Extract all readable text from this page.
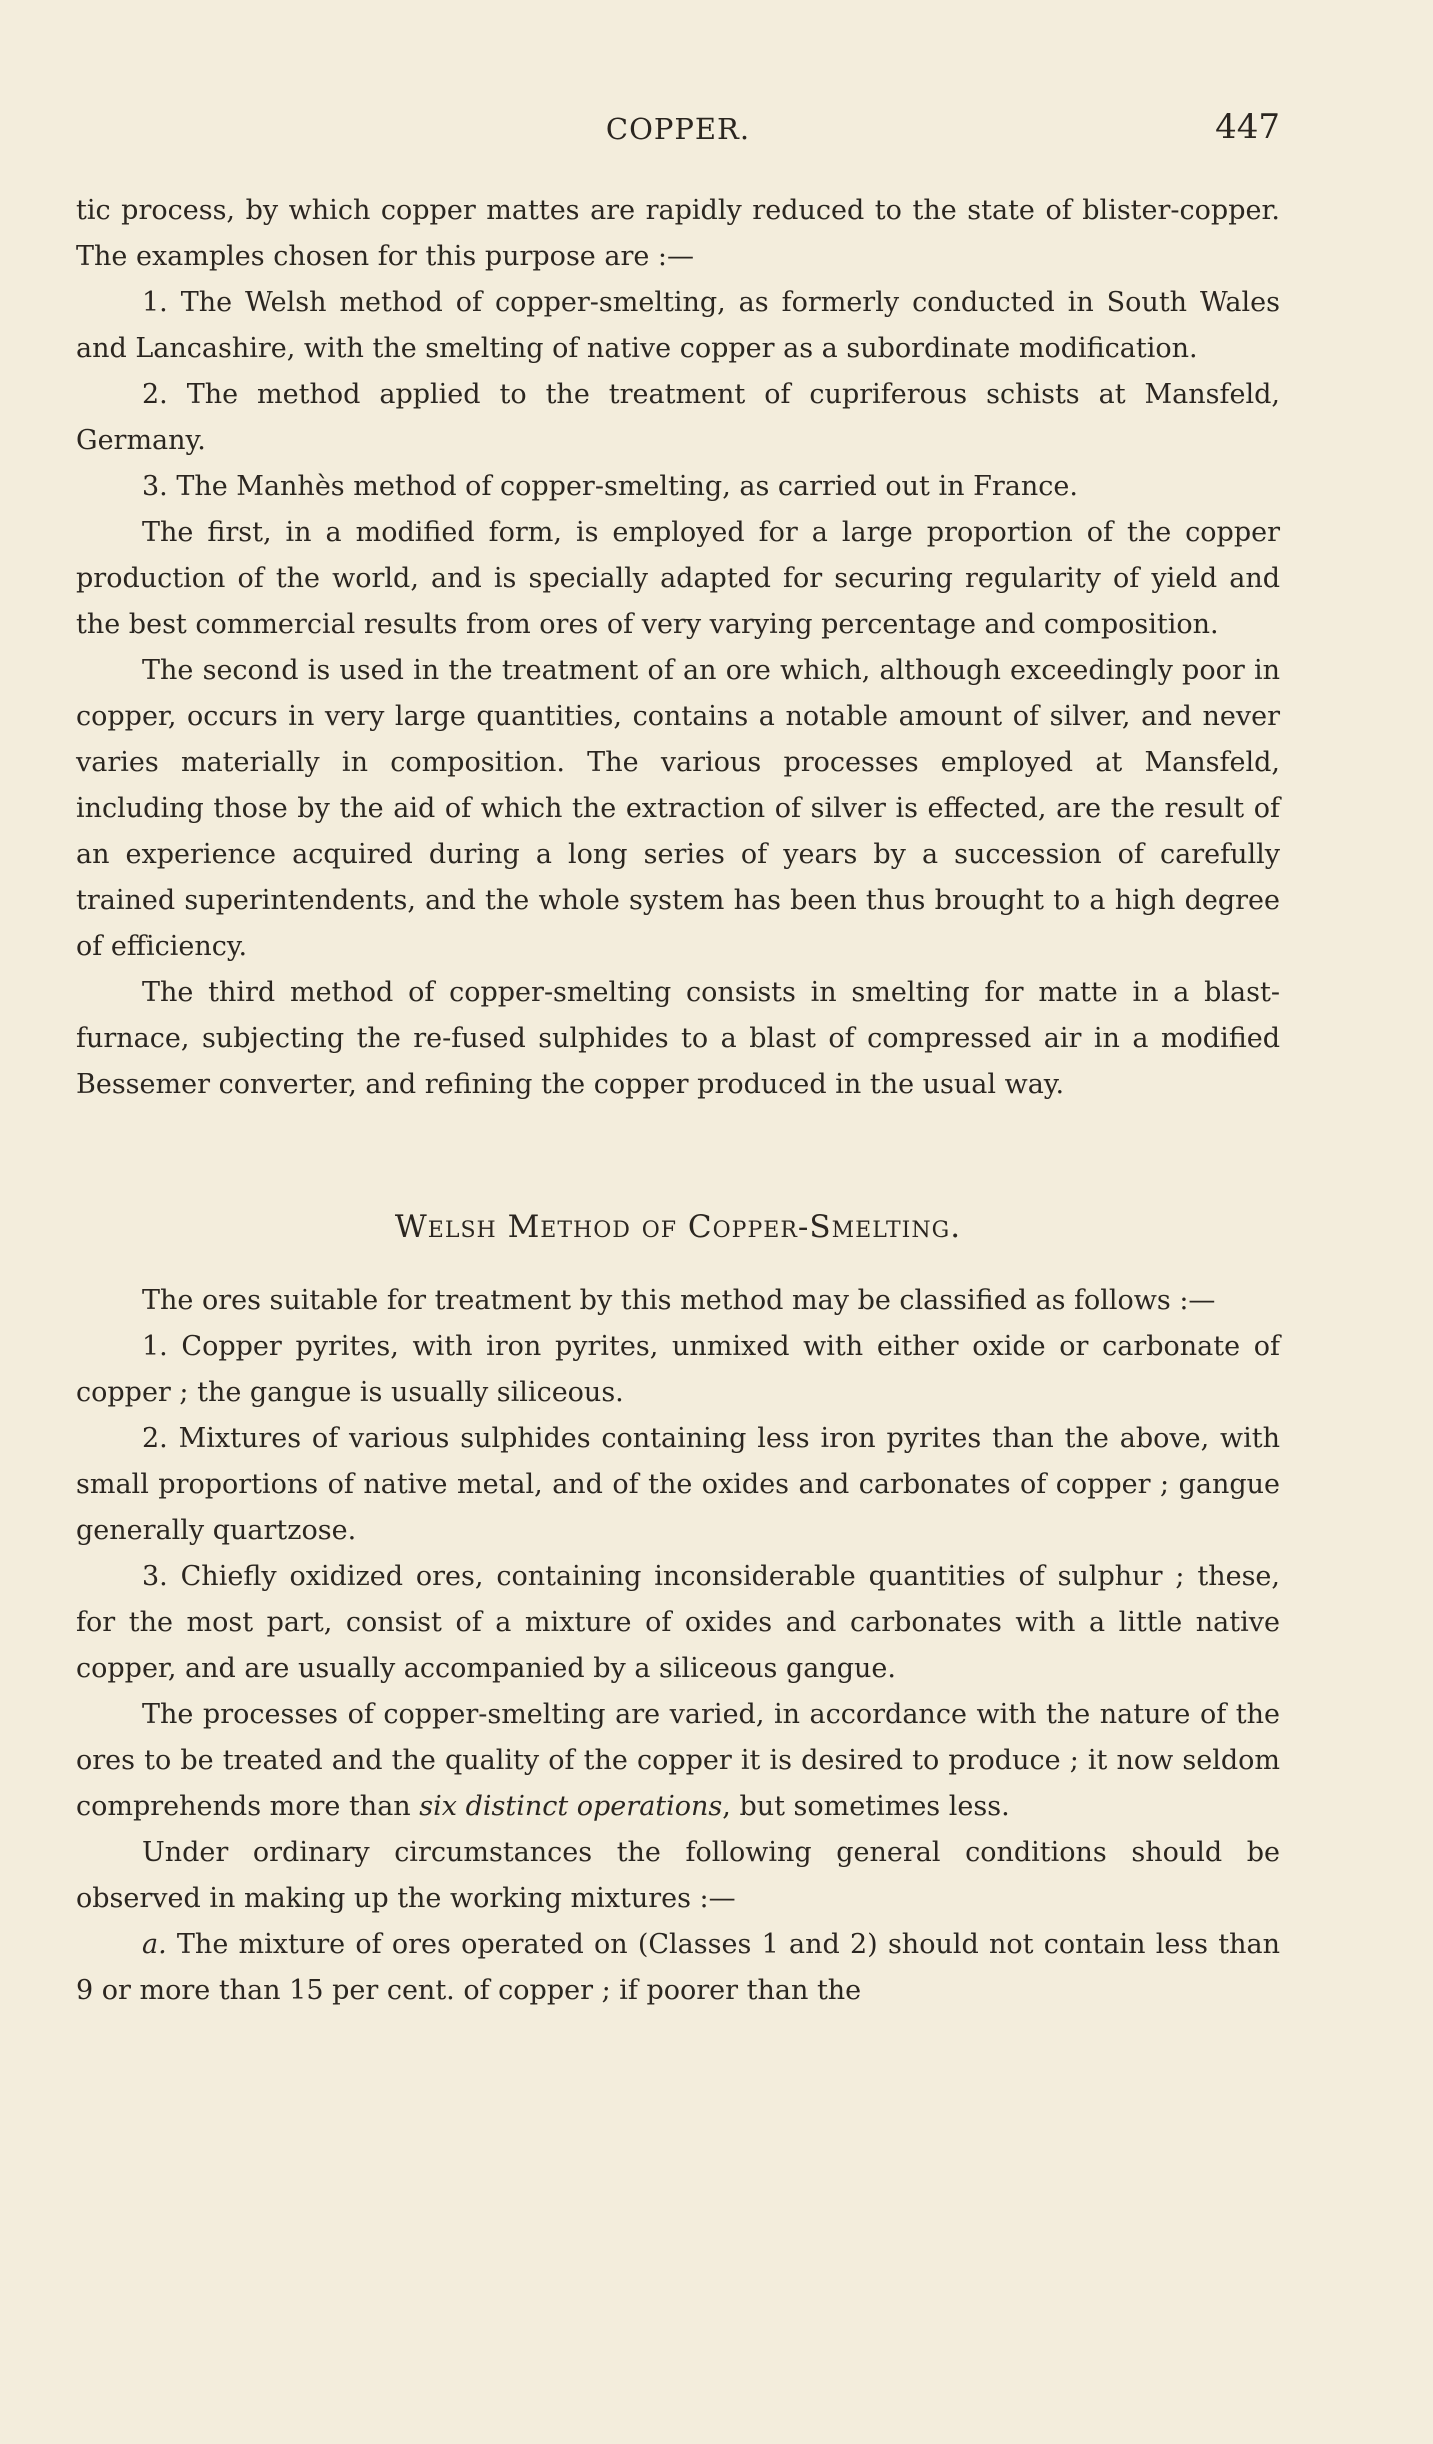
COPPER.	447

tic process, by which copper mattes are rapidly reduced to the state of blister-copper. The examples chosen for this purpose are :—

1. The Welsh method of copper-smelting, as formerly conducted in South Wales and Lancashire, with the smelting of native copper as a subordinate modification.

2. The method applied to the treatment of cupriferous schists at Mansfeld, Germany.

3. The Manhès method of copper-smelting, as carried out in France.

The first, in a modified form, is employed for a large proportion of the copper production of the world, and is specially adapted for securing regularity of yield and the best commercial results from ores of very varying percentage and composition.

The second is used in the treatment of an ore which, although exceedingly poor in copper, occurs in very large quantities, contains a notable amount of silver, and never varies materially in composition. The various processes employed at Mansfeld, including those by the aid of which the extraction of silver is effected, are the result of an experience acquired during a long series of years by a succession of carefully trained superintendents, and the whole system has been thus brought to a high degree of efficiency.

The third method of copper-smelting consists in smelting for matte in a blast-furnace, subjecting the re-fused sulphides to a blast of compressed air in a modified Bessemer converter, and refining the copper produced in the usual way.

Welsh Method of Copper-Smelting.

The ores suitable for treatment by this method may be classified as follows :—

1. Copper pyrites, with iron pyrites, unmixed with either oxide or carbonate of copper ; the gangue is usually siliceous.

2. Mixtures of various sulphides containing less iron pyrites than the above, with small proportions of native metal, and of the oxides and carbonates of copper ; gangue generally quartzose.

3. Chiefly oxidized ores, containing inconsiderable quantities of sulphur ; these, for the most part, consist of a mixture of oxides and carbonates with a little native copper, and are usually accompanied by a siliceous gangue.

The processes of copper-smelting are varied, in accordance with the nature of the ores to be treated and the quality of the copper it is desired to produce ; it now seldom comprehends more than six distinct operations, but sometimes less.

Under ordinary circumstances the following general conditions should be observed in making up the working mixtures :—

a. The mixture of ores operated on (Classes 1 and 2) should not contain less than 9 or more than 15 per cent. of copper ; if poorer than the
